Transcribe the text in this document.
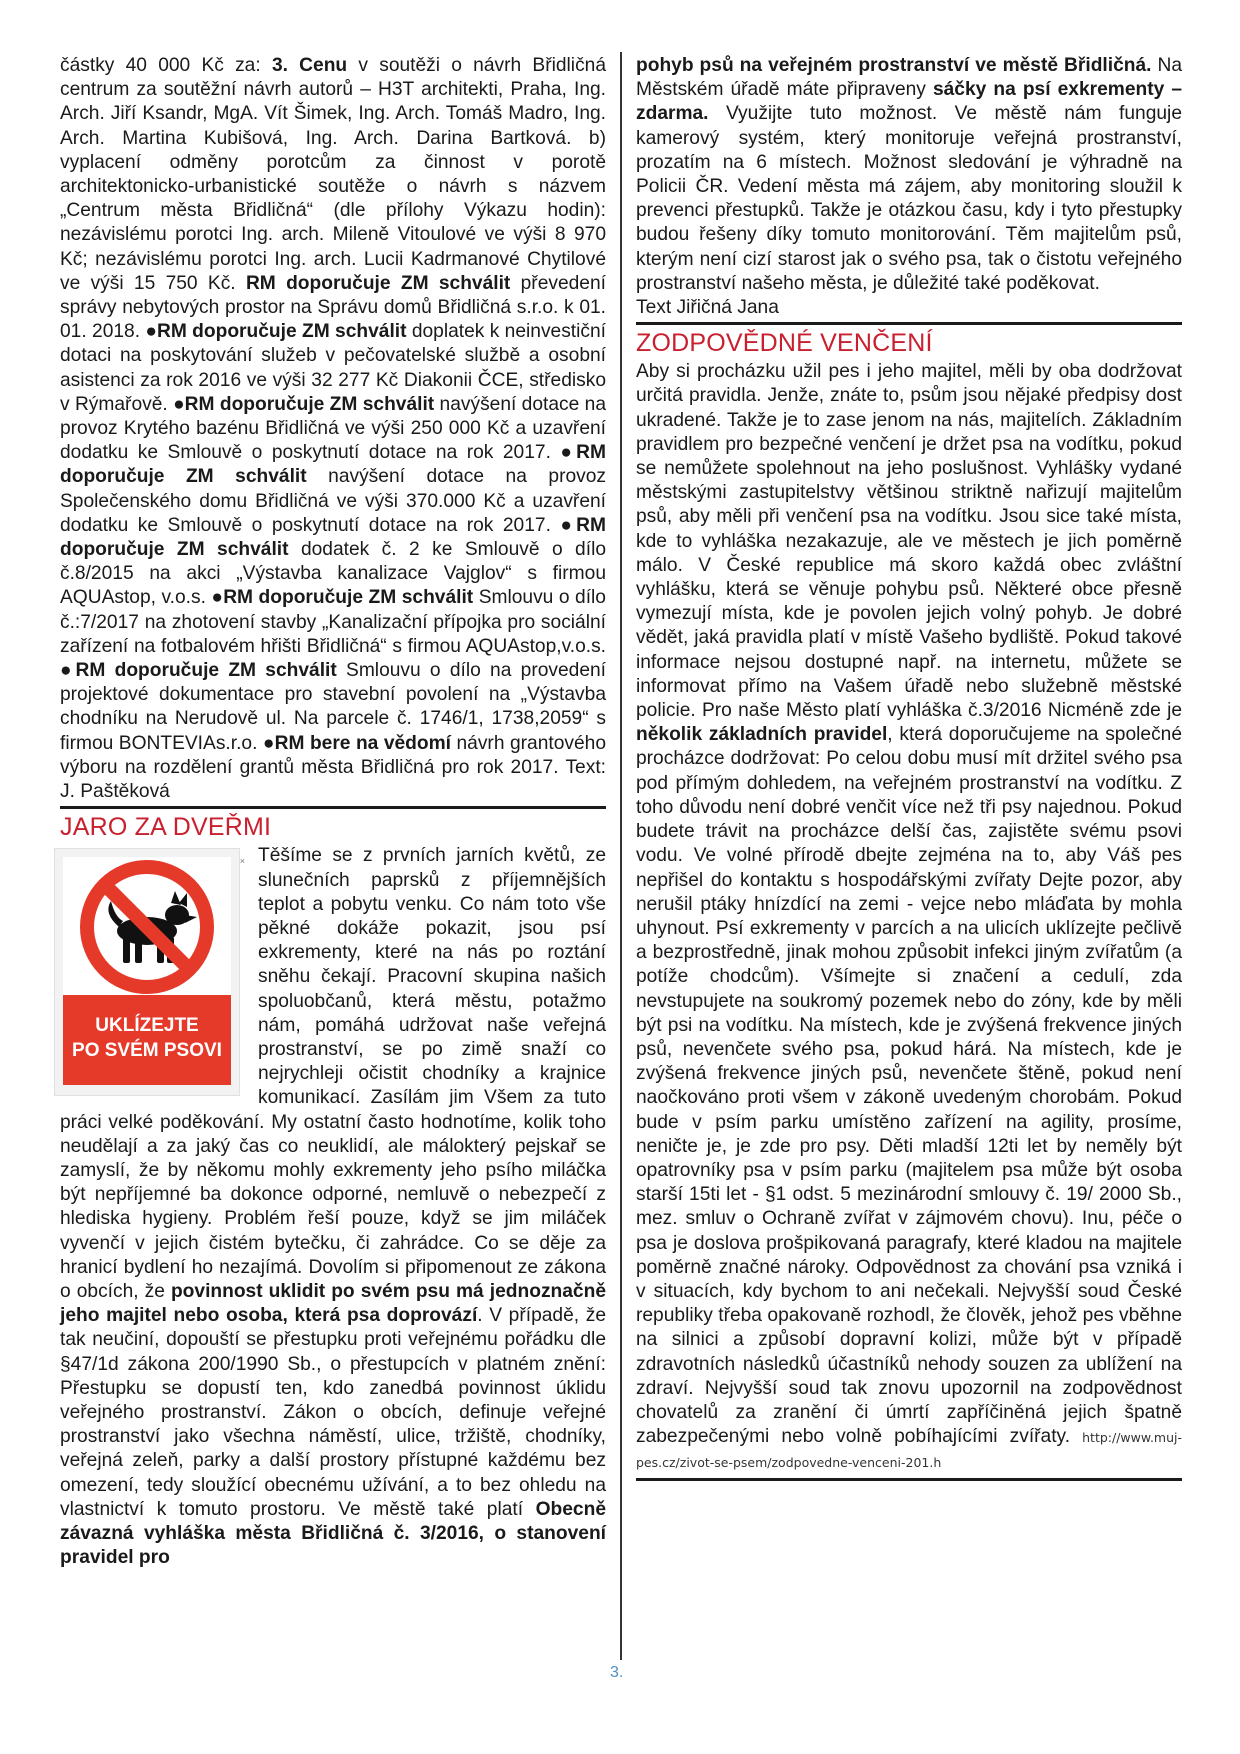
částky 40 000 Kč za: 3. Cenu v soutěži o návrh Břidličná centrum za soutěžní návrh autorů – H3T architekti, Praha, Ing. Arch. Jiří Ksandr, MgA. Vít Šimek, Ing. Arch. Tomáš Madro, Ing. Arch. Martina Kubišová, Ing. Arch. Darina Bartková. b) vyplacení odměny porotcům za činnost v porotě architektonicko-urbanistické soutěže o návrh s názvem „Centrum města Břidličná“ (dle přílohy Výkazu hodin): nezávislému porotci Ing. arch. Mileně Vitoulové ve výši 8 970 Kč; nezávislému porotci Ing. arch. Lucii Kadrmanové Chytilové ve výši 15 750 Kč. RM doporučuje ZM schválit převedení správy nebytových prostor na Správu domů Břidličná s.r.o. k 01. 01. 2018. ●RM doporučuje ZM schválit doplatek k neinvestiční dotaci na poskytování služeb v pečovatelské službě a osobní asistenci za rok 2016 ve výši 32 277 Kč Diakonii ČCE, středisko v Rýmařově. ●RM doporučuje ZM schválit navýšení dotace na provoz Krytého bazénu Břidličná ve výši 250 000 Kč a uzavření dodatku ke Smlouvě o poskytnutí dotace na rok 2017. ●RM doporučuje ZM schválit navýšení dotace na provoz Společenského domu Břidličná ve výši 370.000 Kč a uzavření dodatku ke Smlouvě o poskytnutí dotace na rok 2017. ●RM doporučuje ZM schválit dodatek č. 2 ke Smlouvě o dílo č.8/2015 na akci „Výstavba kanalizace Vajglov“ s firmou AQUAstop, v.o.s. ●RM doporučuje ZM schválit Smlouvu o dílo č.:7/2017 na zhotovení stavby „Kanalizační přípojka pro sociální zařízení na fotbalovém hřišti Břidličná“ s firmou AQUAstop,v.o.s. ●RM doporučuje ZM schválit Smlouvu o dílo na provedení projektové dokumentace pro stavební povolení na „Výstavba chodníku na Nerudově ul. Na parcele č. 1746/1, 1738,2059“ s firmou BONTEVIAs.r.o. ●RM bere na vědomí návrh grantového výboru na rozdělení grantů města Břidličná pro rok 2017. Text: J. Paštěková

JARO ZA DVEŘMI
UKLÍZEJTE
PO SVÉM PSOVI
× Těšíme se z prvních jarních květů, ze slunečních paprsků z příjemnějších teplot a pobytu venku. Co nám toto vše pěkné dokáže pokazit, jsou psí exkrementy, které na nás po roztání sněhu čekají. Pracovní skupina našich spoluobčanů, která městu, potažmo nám, pomáhá udržovat naše veřejná prostranství, se po zimě snaží co nejrychleji očistit chodníky a krajnice komunikací. Zasílám jim Všem za tuto práci velké poděkování. My ostatní často hodnotíme, kolik toho neudělají a za jaký čas co neuklidí, ale málokterý pejskař se zamyslí, že by někomu mohly exkrementy jeho psího miláčka být nepříjemné ba dokonce odporné, nemluvě o nebezpečí z hlediska hygieny. Problém řeší pouze, když se jim miláček vyvenčí v jejich čistém bytečku, či zahrádce. Co se děje za hranicí bydlení ho nezajímá. Dovolím si připomenout ze zákona o obcích, že povinnost uklidit po svém psu má jednoznačně jeho majitel nebo osoba, která psa doprovází. V případě, že tak neučiní, dopouští se přestupku proti veřejnému pořádku dle §47/1d zákona 200/1990 Sb., o přestupcích v platném znění: Přestupku se dopustí ten, kdo zanedbá povinnost úklidu veřejného prostranství. Zákon o obcích, definuje veřejné prostranství jako všechna náměstí, ulice, tržiště, chodníky, veřejná zeleň, parky a další prostory přístupné každému bez omezení, tedy sloužící obecnému užívání, a to bez ohledu na vlastnictví k tomuto prostoru. Ve městě také platí Obecně závazná vyhláška města Břidličná č. 3/2016, o stanovení pravidel pro

pohyb psů na veřejném prostranství ve městě Břidličná. Na Městském úřadě máte připraveny sáčky na psí exkrementy – zdarma. Využijte tuto možnost. Ve městě nám funguje kamerový systém, který monitoruje veřejná prostranství, prozatím na 6 místech. Možnost sledování je výhradně na Policii ČR. Vedení města má zájem, aby monitoring sloužil k prevenci přestupků. Takže je otázkou času, kdy i tyto přestupky budou řešeny díky tomuto monitorování. Těm majitelům psů, kterým není cizí starost jak o svého psa, tak o čistotu veřejného prostranství našeho města, je důležité také poděkovat.

Text Jiřičná Jana

ZODPOVĚDNÉ VENČENÍ

Aby si procházku užil pes i jeho majitel, měli by oba dodržovat určitá pravidla. Jenže, znáte to, psům jsou nějaké předpisy dost ukradené. Takže je to zase jenom na nás, majitelích. Základním pravidlem pro bezpečné venčení je držet psa na vodítku, pokud se nemůžete spolehnout na jeho poslušnost. Vyhlášky vydané městskými zastupitelstvy většinou striktně nařizují majitelům psů, aby měli při venčení psa na vodítku. Jsou sice také místa, kde to vyhláška nezakazuje, ale ve městech je jich poměrně málo. V České republice má skoro každá obec zvláštní vyhlášku, která se věnuje pohybu psů. Některé obce přesně vymezují místa, kde je povolen jejich volný pohyb. Je dobré vědět, jaká pravidla platí v místě Vašeho bydliště. Pokud takové informace nejsou dostupné např. na internetu, můžete se informovat přímo na Vašem úřadě nebo služebně městské policie. Pro naše Město platí vyhláška č.3/2016 Nicméně zde je několik základních pravidel, která doporučujeme na společné procházce dodržovat: Po celou dobu musí mít držitel svého psa pod přímým dohledem, na veřejném prostranství na vodítku. Z toho důvodu není dobré venčit více než tři psy najednou. Pokud budete trávit na procházce delší čas, zajistěte svému psovi vodu. Ve volné přírodě dbejte zejména na to, aby Váš pes nepřišel do kontaktu s hospodářskými zvířaty Dejte pozor, aby nerušil ptáky hnízdící na zemi - vejce nebo mláďata by mohla uhynout. Psí exkrementy v parcích a na ulicích uklízejte pečlivě a bezprostředně, jinak mohou způsobit infekci jiným zvířatům (a potíže chodcům). Všímejte si značení a cedulí, zda nevstupujete na soukromý pozemek nebo do zóny, kde by měli být psi na vodítku. Na místech, kde je zvýšená frekvence jiných psů, nevenčete svého psa, pokud hárá. Na místech, kde je zvýšená frekvence jiných psů, nevenčete štěně, pokud není naočkováno proti všem v zákoně uvedeným chorobám. Pokud bude v psím parku umístěno zařízení na agility, prosíme, neničte je, je zde pro psy. Děti mladší 12ti let by neměly být opatrovníky psa v psím parku (majitelem psa může být osoba starší 15ti let - §1 odst. 5 mezinárodní smlouvy č. 19/ 2000 Sb., mez. smluv o Ochraně zvířat v zájmovém chovu). Inu, péče o psa je doslova prošpikovaná paragrafy, které kladou na majitele poměrně značné nároky. Odpovědnost za chování psa vzniká i v situacích, kdy bychom to ani nečekali. Nejvyšší soud České republiky třeba opakovaně rozhodl, že člověk, jehož pes vběhne na silnici a způsobí dopravní kolizi, může být v případě zdravotních následků účastníků nehody souzen za ublížení na zdraví. Nejvyšší soud tak znovu upozornil na zodpovědnost chovatelů za zranění či úmrtí zapříčiněná jejich špatně zabezpečenými nebo volně pobíhajícími zvířaty. http://www.muj-pes.cz/zivot-se-psem/zodpovedne-venceni-201.h

3.
